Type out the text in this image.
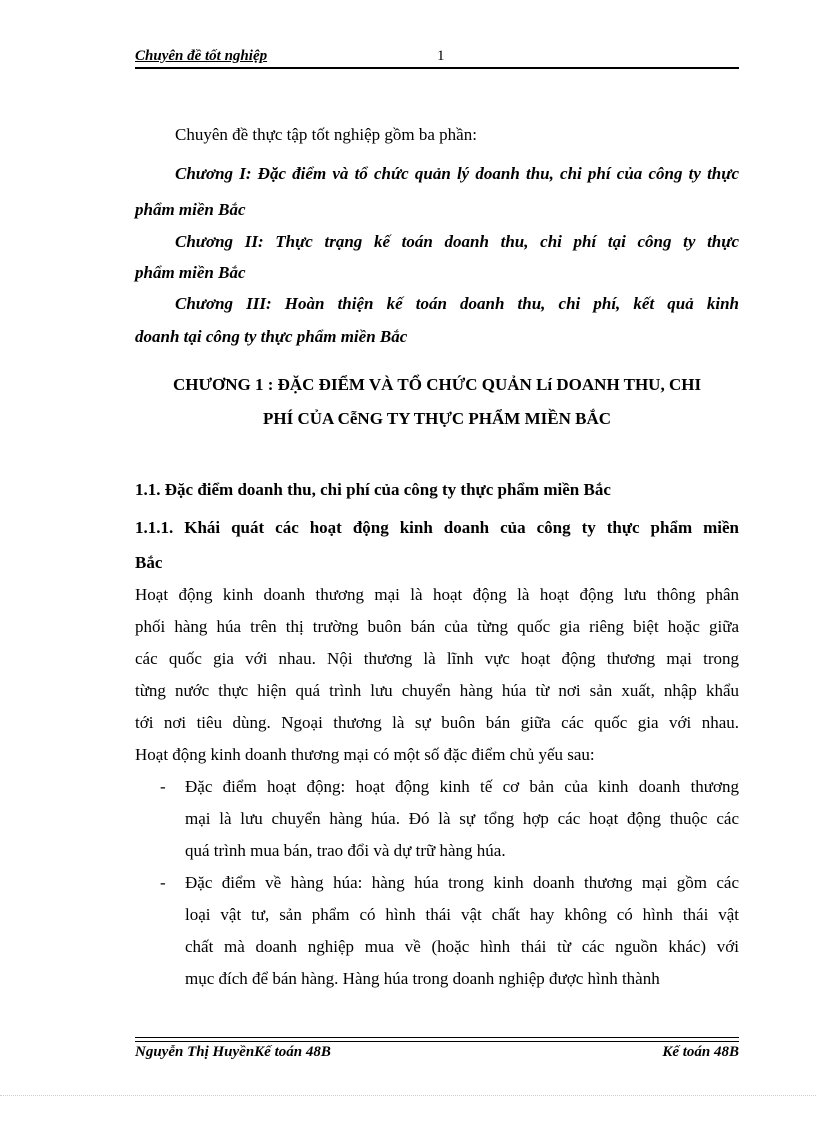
Chuyên đề tốt nghiệp	1
Chuyên đề thực tập tốt nghiệp gồm ba phần:
Chương I: Đặc điểm và tổ chức quản lý doanh thu, chi phí của công ty thực
phẩm miền Bắc
Chương II: Thực trạng kế toán doanh thu, chi phí tại công ty thực
phẩm miền Bắc
Chương III: Hoàn thiện kế toán doanh thu, chi phí, kết quả kinh
doanh tại công ty thực phẩm miền Bắc
CHƯƠNG 1 : ĐẶC ĐIỂM VÀ TỔ CHỨC QUẢN Lí DOANH THU, CHI
PHÍ CỦA CễNG TY THỰC PHẨM MIỀN BẮC
1.1. Đặc điểm doanh thu, chi phí của công ty thực phẩm miền Bắc
1.1.1. Khái quát các hoạt động kinh doanh của công ty thực phẩm miền
Bắc
Hoạt động kinh doanh thương mại là hoạt động là hoạt động lưu thông phân
phối hàng húa trên thị trường buôn bán của từng quốc gia riêng biệt hoặc giữa
các quốc gia với nhau. Nội thương là lĩnh vực hoạt động thương mại trong
từng nước thực hiện quá trình lưu chuyển hàng húa từ nơi sản xuất, nhập khẩu
tới nơi tiêu dùng. Ngoại thương là sự buôn bán giữa các quốc gia với nhau.
Hoạt động kinh doanh thương mại có một số đặc điểm chủ yếu sau:
- Đặc điểm hoạt động: hoạt động kinh tế cơ bản của kinh doanh thương
mại là lưu chuyển hàng húa. Đó là sự tổng hợp các hoạt động thuộc các
quá trình mua bán, trao đổi và dự trữ hàng húa.
- Đặc điểm về hàng húa: hàng húa trong kinh doanh thương mại gồm các
loại vật tư, sản phẩm có hình thái vật chất hay không có hình thái vật
chất mà doanh nghiệp mua về (hoặc hình thái từ các nguồn khác) với
mục đích để bán hàng. Hàng húa trong doanh nghiệp được hình thành
Nguyễn Thị HuyềnKế toán 48B	Kế toán 48B
